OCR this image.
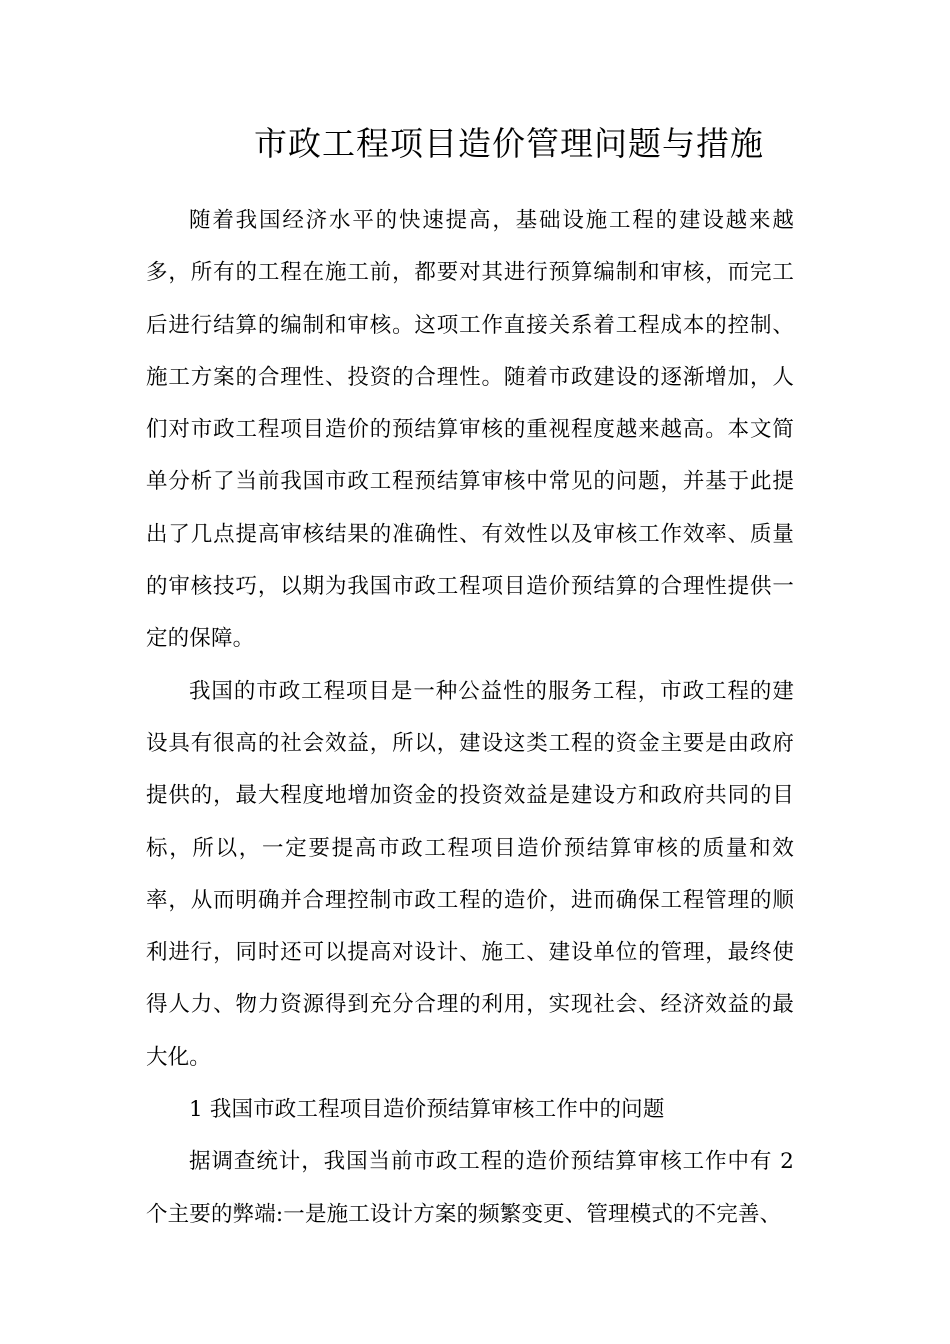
市政工程项目造价管理问题与措施

随着我国经济水平的快速提高，基础设施工程的建设越来越多，所有的工程在施工前，都要对其进行预算编制和审核，而完工后进行结算的编制和审核。这项工作直接关系着工程成本的控制、施工方案的合理性、投资的合理性。随着市政建设的逐渐增加，人们对市政工程项目造价的预结算审核的重视程度越来越高。本文简单分析了当前我国市政工程预结算审核中常见的问题，并基于此提出了几点提高审核结果的准确性、有效性以及审核工作效率、质量的审核技巧，以期为我国市政工程项目造价预结算的合理性提供一定的保障。

我国的市政工程项目是一种公益性的服务工程，市政工程的建设具有很高的社会效益，所以，建设这类工程的资金主要是由政府提供的，最大程度地增加资金的投资效益是建设方和政府共同的目标，所以，一定要提高市政工程项目造价预结算审核的质量和效率，从而明确并合理控制市政工程的造价，进而确保工程管理的顺利进行，同时还可以提高对设计、施工、建设单位的管理，最终使得人力、物力资源得到充分合理的利用，实现社会、经济效益的最大化。

1 我国市政工程项目造价预结算审核工作中的问题

据调查统计，我国当前市政工程的造价预结算审核工作中有 2 个主要的弊端:一是施工设计方案的频繁变更、管理模式的不完善、
